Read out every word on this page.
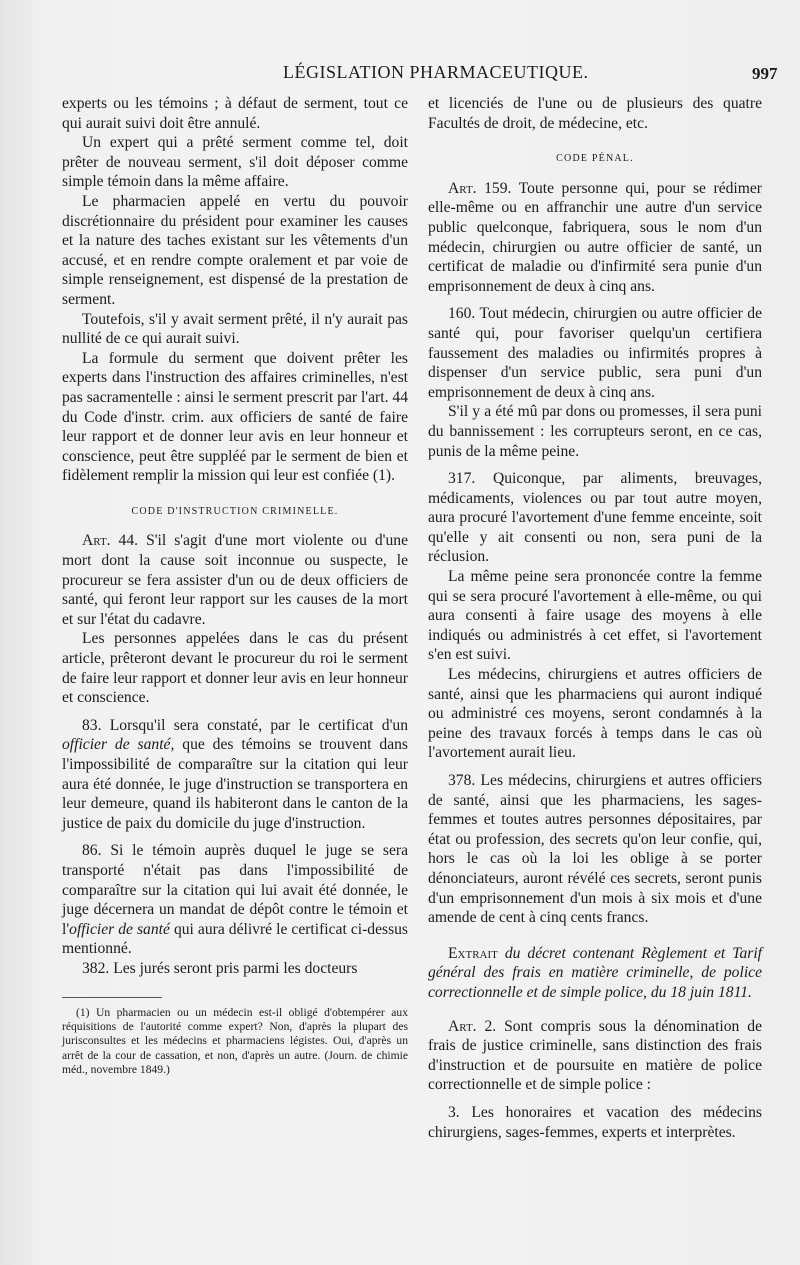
LÉGISLATION PHARMACEUTIQUE.	997

experts ou les témoins ; à défaut de serment, tout ce qui aurait suivi doit être annulé.

Un expert qui a prêté serment comme tel, doit prêter de nouveau serment, s'il doit déposer comme simple témoin dans la même affaire.

Le pharmacien appelé en vertu du pouvoir discrétionnaire du président pour examiner les causes et la nature des taches existant sur les vêtements d'un accusé, et en rendre compte oralement et par voie de simple renseignement, est dispensé de la prestation de serment.

Toutefois, s'il y avait serment prêté, il n'y aurait pas nullité de ce qui aurait suivi.

La formule du serment que doivent prêter les experts dans l'instruction des affaires criminelles, n'est pas sacramentelle : ainsi le serment prescrit par l'art. 44 du Code d'instr. crim. aux officiers de santé de faire leur rapport et de donner leur avis en leur honneur et conscience, peut être suppléé par le serment de bien et fidèlement remplir la mission qui leur est confiée (1).

CODE D'INSTRUCTION CRIMINELLE.

Art. 44. S'il s'agit d'une mort violente ou d'une mort dont la cause soit inconnue ou suspecte, le procureur se fera assister d'un ou de deux officiers de santé, qui feront leur rapport sur les causes de la mort et sur l'état du cadavre.

Les personnes appelées dans le cas du présent article, prêteront devant le procureur du roi le serment de faire leur rapport et donner leur avis en leur honneur et conscience.

83. Lorsqu'il sera constaté, par le certificat d'un officier de santé, que des témoins se trouvent dans l'impossibilité de comparaître sur la citation qui leur aura été donnée, le juge d'instruction se transportera en leur demeure, quand ils habiteront dans le canton de la justice de paix du domicile du juge d'instruction.

86. Si le témoin auprès duquel le juge se sera transporté n'était pas dans l'impossibilité de comparaître sur la citation qui lui avait été donnée, le juge décernera un mandat de dépôt contre le témoin et l'officier de santé qui aura délivré le certificat ci-dessus mentionné.

382. Les jurés seront pris parmi les docteurs

(1) Un pharmacien ou un médecin est-il obligé d'obtempérer aux réquisitions de l'autorité comme expert? Non, d'après la plupart des jurisconsultes et les médecins et pharmaciens légistes. Oui, d'après un arrêt de la cour de cassation, et non, d'après un autre. (Journ. de chimie méd., novembre 1849.)

et licenciés de l'une ou de plusieurs des quatre Facultés de droit, de médecine, etc.

CODE PÉNAL.

Art. 159. Toute personne qui, pour se rédimer elle-même ou en affranchir une autre d'un service public quelconque, fabriquera, sous le nom d'un médecin, chirurgien ou autre officier de santé, un certificat de maladie ou d'infirmité sera punie d'un emprisonnement de deux à cinq ans.

160. Tout médecin, chirurgien ou autre officier de santé qui, pour favoriser quelqu'un certifiera faussement des maladies ou infirmités propres à dispenser d'un service public, sera puni d'un emprisonnement de deux à cinq ans.

S'il y a été mû par dons ou promesses, il sera puni du bannissement : les corrupteurs seront, en ce cas, punis de la même peine.

317. Quiconque, par aliments, breuvages, médicaments, violences ou par tout autre moyen, aura procuré l'avortement d'une femme enceinte, soit qu'elle y ait consenti ou non, sera puni de la réclusion.

La même peine sera prononcée contre la femme qui se sera procuré l'avortement à elle-même, ou qui aura consenti à faire usage des moyens à elle indiqués ou administrés à cet effet, si l'avortement s'en est suivi.

Les médecins, chirurgiens et autres officiers de santé, ainsi que les pharmaciens qui auront indiqué ou administré ces moyens, seront condamnés à la peine des travaux forcés à temps dans le cas où l'avortement aurait lieu.

378. Les médecins, chirurgiens et autres officiers de santé, ainsi que les pharmaciens, les sages-femmes et toutes autres personnes dépositaires, par état ou profession, des secrets qu'on leur confie, qui, hors le cas où la loi les oblige à se porter dénonciateurs, auront révélé ces secrets, seront punis d'un emprisonnement d'un mois à six mois et d'une amende de cent à cinq cents francs.

Extrait du décret contenant Règlement et Tarif général des frais en matière criminelle, de police correctionnelle et de simple police, du 18 juin 1811.

Art. 2. Sont compris sous la dénomination de frais de justice criminelle, sans distinction des frais d'instruction et de poursuite en matière de police correctionnelle et de simple police :

3. Les honoraires et vacation des médecins chirurgiens, sages-femmes, experts et interprètes.
